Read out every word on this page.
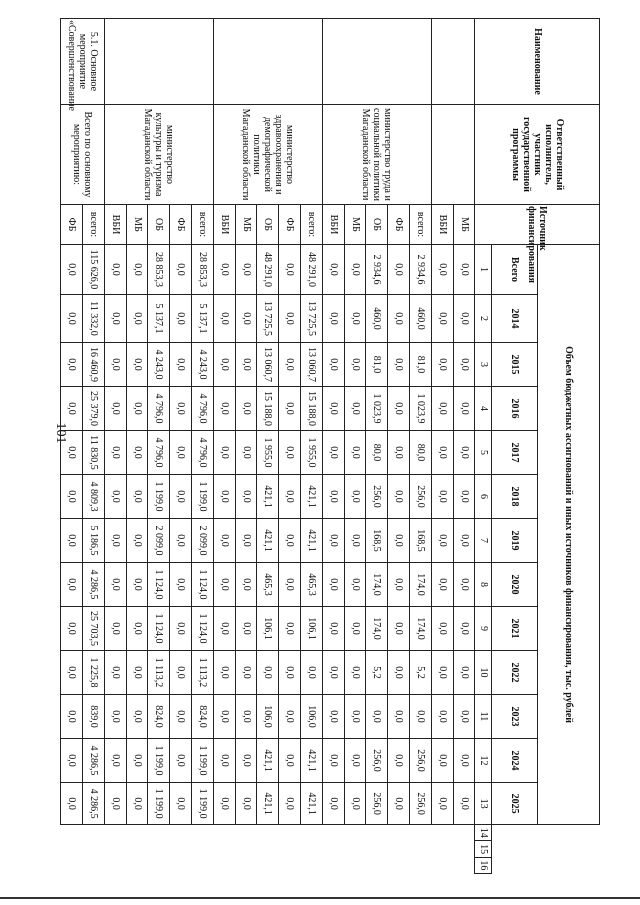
101
Наименование	Ответственный исполнитель, участник государственной программы	Источник финансирования	Объем бюджетных ассигнований и иных источников финансирования, тыс. рублей															
			Всего	2014	2015	2016	2017	2018	2019	2020	2021	2022	2023	2024	2025			
			1	2	3	4	5	6	7	8	9	10	11	12	13	14	15	16
		МБ	0,0	0,0	0,0	0,0	0,0	0,0	0,0	0,0	0,0	0,0	0,0	0,0	0,0			
		ВБИ	0,0	0,0	0,0	0,0	0,0	0,0	0,0	0,0	0,0	0,0	0,0	0,0	0,0			
	министерство труда и социальной политики Магаданской области	всего:	2 934,6	460,0	81,0	1 023,9	80,0	256,0	168,5	174,0	174,0	5,2	0,0	256,0	256,0			
		ФБ	0,0	0,0	0,0	0,0	0,0	0,0	0,0	0,0	0,0	0,0	0,0	0,0	0,0			
		ОБ	2 934,6	460,0	81,0	1 023,9	80,0	256,0	168,5	174,0	174,0	5,2	0,0	256,0	256,0			
		МБ	0,0	0,0	0,0	0,0	0,0	0,0	0,0	0,0	0,0	0,0	0,0	0,0	0,0			
		ВБИ	0,0	0,0	0,0	0,0	0,0	0,0	0,0	0,0	0,0	0,0	0,0	0,0	0,0			
	министерство здравоохранения и демографической политики Магаданской области	всего:	48 291,0	13 725,5	13 060,7	15 188,0	1 955,0	421,1	421,1	465,3	106,1	0,0	106,0	421,1	421,1			
		ФБ	0,0	0,0	0,0	0,0	0,0	0,0	0,0	0,0	0,0	0,0	0,0	0,0	0,0			
		ОБ	48 291,0	13 725,5	13 060,7	15 188,0	1 955,0	421,1	421,1	465,3	106,1	0,0	106,0	421,1	421,1			
		МБ	0,0	0,0	0,0	0,0	0,0	0,0	0,0	0,0	0,0	0,0	0,0	0,0	0,0			
		ВБИ	0,0	0,0	0,0	0,0	0,0	0,0	0,0	0,0	0,0	0,0	0,0	0,0	0,0			
	министерство культуры и туризма Магаданской области	всего:	28 853,3	5 137,1	4 243,0	4 796,0	4 796,0	1 199,0	2 099,0	1 124,0	1 124,0	1 113,2	824,0	1 199,0	1 199,0			
		ФБ	0,0	0,0	0,0	0,0	0,0	0,0	0,0	0,0	0,0	0,0	0,0	0,0	0,0			
		ОБ	28 853,3	5 137,1	4 243,0	4 796,0	4 796,0	1 199,0	2 099,0	1 124,0	1 124,0	1 113,2	824,0	1 199,0	1 199,0			
		МБ	0,0	0,0	0,0	0,0	0,0	0,0	0,0	0,0	0,0	0,0	0,0	0,0	0,0			
		ВБИ	0,0	0,0	0,0	0,0	0,0	0,0	0,0	0,0	0,0	0,0	0,0	0,0	0,0			
5.1. Основное мероприятие «Совершенствование	Всего по основному мероприятию:	всего:	115 626,0	11 332,0	16 460,9	25 379,0	11 830,5	4 809,3	5 186,5	4 286,5	25 703,5	1 225,8	839,0	4 286,5	4 286,5			
		ФБ	0,0	0,0	0,0	0,0	0,0	0,0	0,0	0,0	0,0	0,0	0,0	0,0	0,0			
